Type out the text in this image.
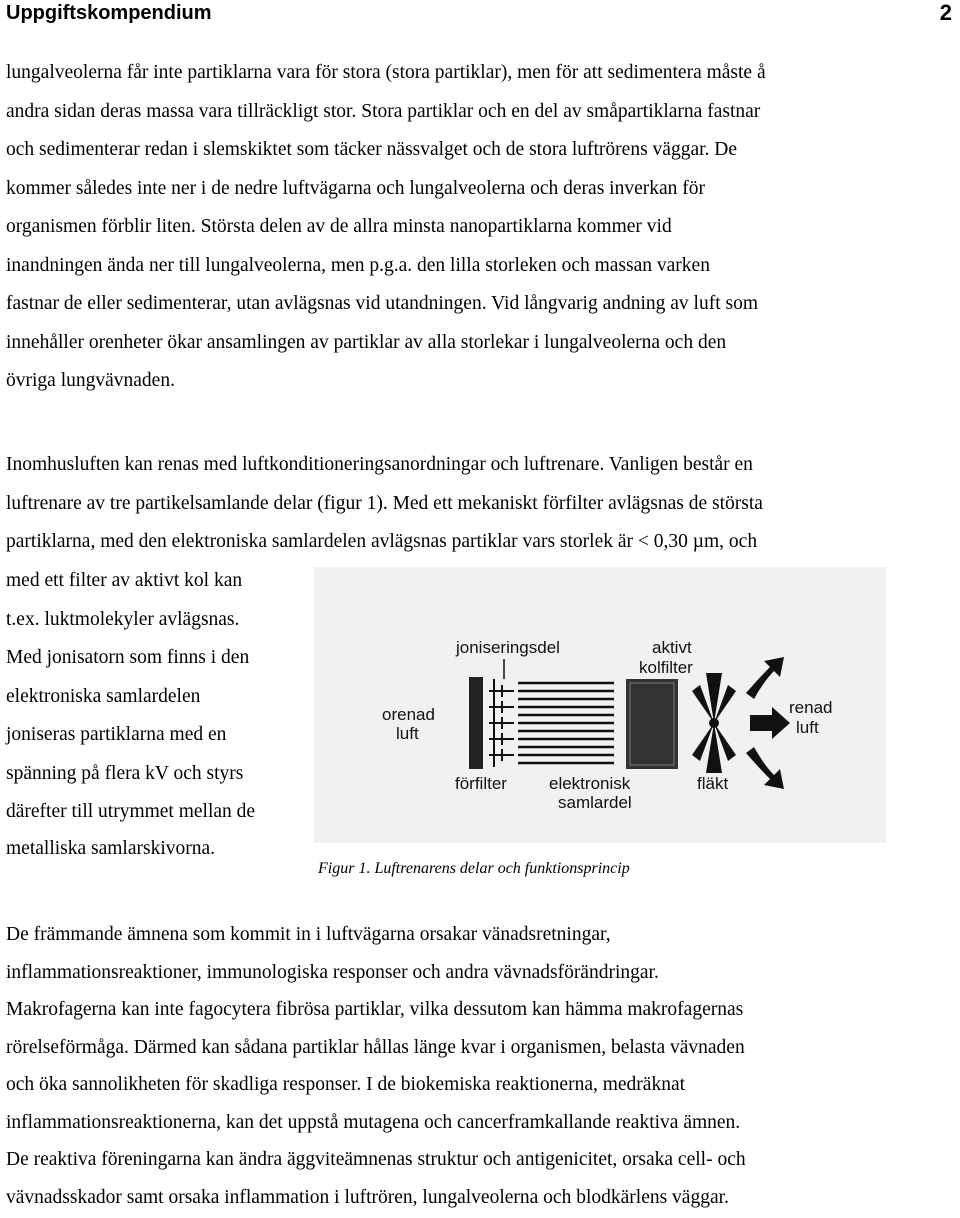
Uppgiftskompendium	2
lungalveolerna får inte partiklarna vara för stora (stora partiklar), men för att sedimentera måste å
andra sidan deras massa vara tillräckligt stor. Stora partiklar och en del av småpartiklarna fastnar
och sedimenterar redan i slemskiktet som täcker nässvalget och de stora luftrörens väggar. De
kommer således inte ner i de nedre luftvägarna och lungalveolerna och deras inverkan för
organismen förblir liten. Största delen av de allra minsta nanopartiklarna kommer vid
inandningen ända ner till lungalveolerna, men p.g.a. den lilla storleken och massan varken
fastnar de eller sedimenterar, utan avlägsnas vid utandningen. Vid långvarig andning av luft som
innehåller orenheter ökar ansamlingen av partiklar av alla storlekar i lungalveolerna och den
övriga lungvävnaden.
Inomhusluften kan renas med luftkonditioneringsanordningar och luftrenare. Vanligen består en
luftrenare av tre partikelsamlande delar (figur 1). Med ett mekaniskt förfilter avlägsnas de största
partiklarna, med den elektroniska samlardelen avlägsnas partiklar vars storlek är < 0,30 µm, och
med ett filter av aktivt kol kan
t.ex. luktmolekyler avlägsnas.
Med jonisatorn som finns i den
elektroniska samlardelen
joniseras partiklarna med en
spänning på flera kV och styrs
därefter till utrymmet mellan de
metalliska samlarskivorna.
joniseringsdel	aktivt
kolfilter
orenad
luft
renad
luft
förfilter elektronisk
samlardel
fläkt
Figur 1. Luftrenarens delar och funktionsprincip
De främmande ämnena som kommit in i luftvägarna orsakar vänadsretningar,
inflammationsreaktioner, immunologiska responser och andra vävnadsförändringar.
Makrofagerna kan inte fagocytera fibrösa partiklar, vilka dessutom kan hämma makrofagernas
rörelseförmåga. Därmed kan sådana partiklar hållas länge kvar i organismen, belasta vävnaden
och öka sannolikheten för skadliga responser. I de biokemiska reaktionerna, medräknat
inflammationsreaktionerna, kan det uppstå mutagena och cancerframkallande reaktiva ämnen.
De reaktiva föreningarna kan ändra äggviteämnenas struktur och antigenicitet, orsaka cell- och
vävnadsskador samt orsaka inflammation i luftrören, lungalveolerna och blodkärlens väggar.
